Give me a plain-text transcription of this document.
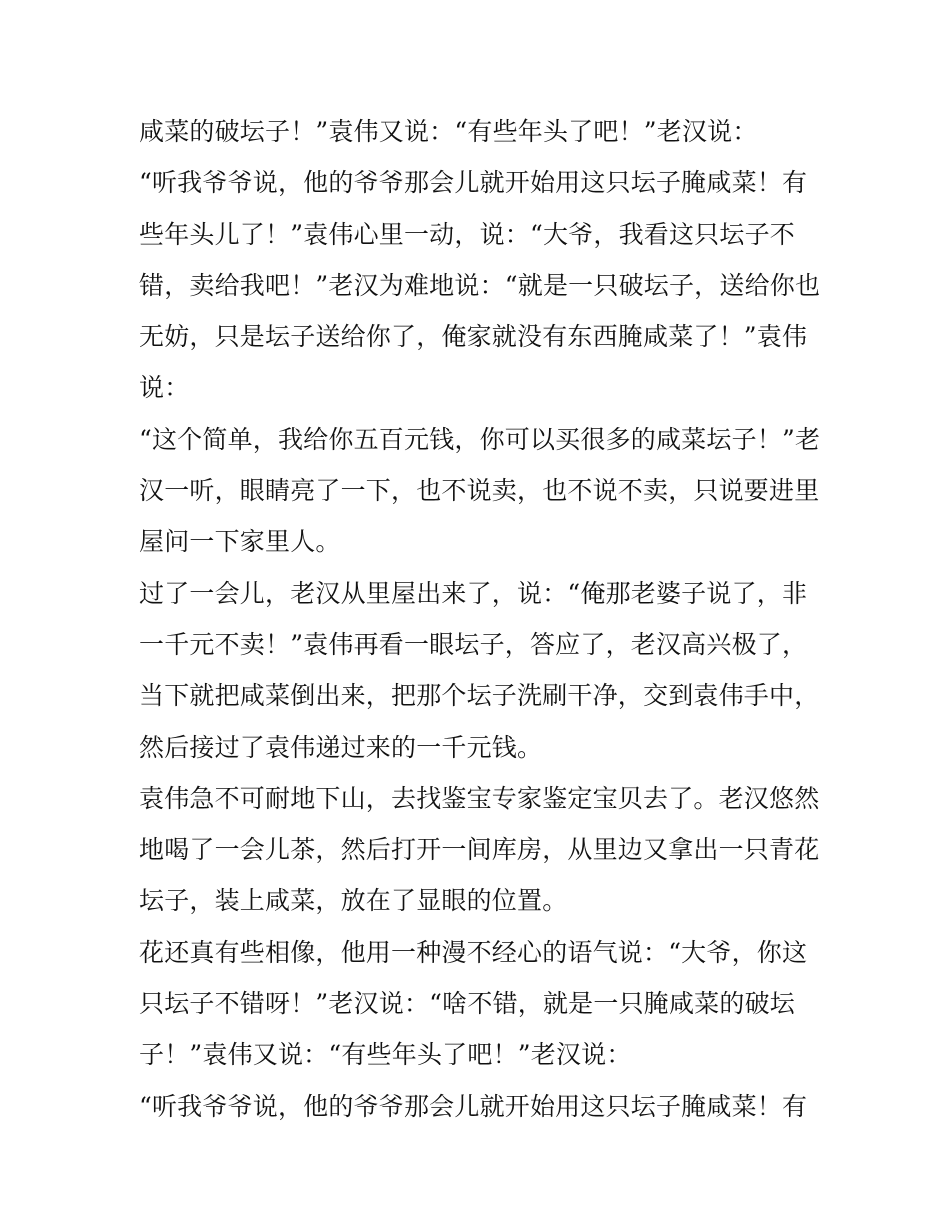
咸菜的破坛子！”袁伟又说：“有些年头了吧！”老汉说：
“听我爷爷说，他的爷爷那会儿就开始用这只坛子腌咸菜！有
些年头儿了！”袁伟心里一动，说：“大爷，我看这只坛子不
错，卖给我吧！”老汉为难地说：“就是一只破坛子，送给你也
无妨，只是坛子送给你了，俺家就没有东西腌咸菜了！”袁伟
说：
“这个简单，我给你五百元钱，你可以买很多的咸菜坛子！”老
汉一听，眼睛亮了一下，也不说卖，也不说不卖，只说要进里
屋问一下家里人。
过了一会儿，老汉从里屋出来了，说：“俺那老婆子说了，非
一千元不卖！”袁伟再看一眼坛子，答应了，老汉高兴极了，
当下就把咸菜倒出来，把那个坛子洗刷干净，交到袁伟手中，
然后接过了袁伟递过来的一千元钱。
袁伟急不可耐地下山，去找鉴宝专家鉴定宝贝去了。老汉悠然
地喝了一会儿茶，然后打开一间库房，从里边又拿出一只青花
坛子，装上咸菜，放在了显眼的位置。
花还真有些相像，他用一种漫不经心的语气说：“大爷，你这
只坛子不错呀！”老汉说：“啥不错，就是一只腌咸菜的破坛
子！”袁伟又说：“有些年头了吧！”老汉说：
“听我爷爷说，他的爷爷那会儿就开始用这只坛子腌咸菜！有
